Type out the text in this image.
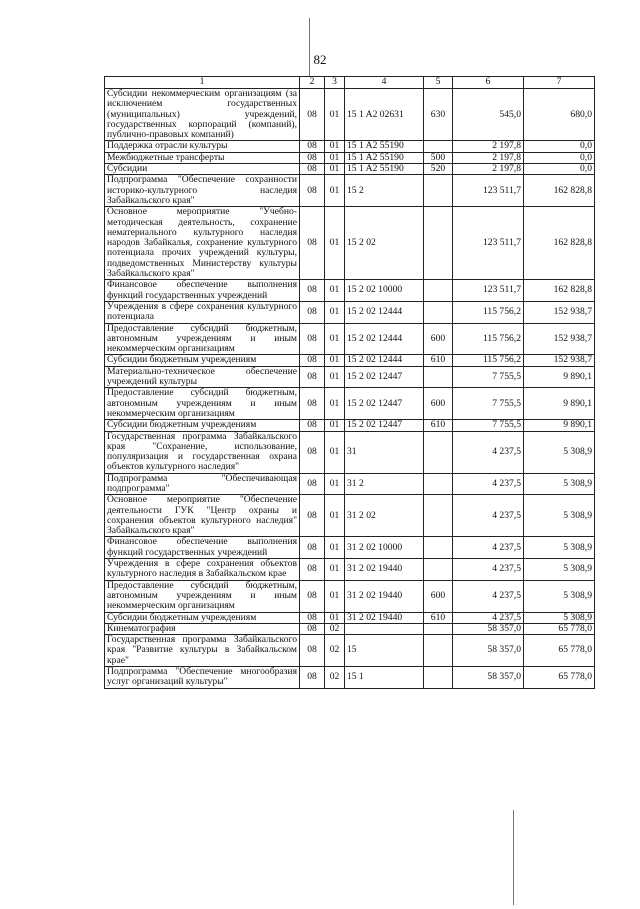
82
1	2	3	4	5	6	7
Субсидии некоммерческим организациям (за исключением государственных (муниципальных) учреждений, государственных корпораций (компаний), публично-правовых компаний)	08	01	15 1 A2 02631	630	545,0	680,0
Поддержка отрасли культуры	08	01	15 1 A2 55190		2 197,8	0,0
Межбюджетные трансферты	08	01	15 1 A2 55190	500	2 197,8	0,0
Субсидии	08	01	15 1 A2 55190	520	2 197,8	0,0
Подпрограмма "Обеспечение сохранности историко-культурного наследия Забайкальского края"	08	01	15 2		123 511,7	162 828,8
Основное мероприятие "Учебно-методическая деятельность, сохранение нематериального культурного наследия народов Забайкалья, сохранение культурного потенциала прочих учреждений культуры, подведомственных Министерству культуры Забайкальского края"	08	01	15 2 02		123 511,7	162 828,8
Финансовое обеспечение выполнения функций государственных учреждений	08	01	15 2 02 10000		123 511,7	162 828,8
Учреждения в сфере сохранения культурного потенциала	08	01	15 2 02 12444		115 756,2	152 938,7
Предоставление субсидий бюджетным, автономным учреждениям и иным некоммерческим организациям	08	01	15 2 02 12444	600	115 756,2	152 938,7
Субсидии бюджетным учреждениям	08	01	15 2 02 12444	610	115 756,2	152 938,7
Материально-техническое обеспечение учреждений культуры	08	01	15 2 02 12447		7 755,5	9 890,1
Предоставление субсидий бюджетным, автономным учреждениям и иным некоммерческим организациям	08	01	15 2 02 12447	600	7 755,5	9 890,1
Субсидии бюджетным учреждениям	08	01	15 2 02 12447	610	7 755,5	9 890,1
Государственная программа Забайкальского края "Сохранение, использование, популяризация и государственная охрана объектов культурного наследия"	08	01	31		4 237,5	5 308,9
Подпрограмма "Обеспечивающая подпрограмма"	08	01	31 2		4 237,5	5 308,9
Основное мероприятие "Обеспечение деятельности ГУК "Центр охраны и сохранения объектов культурного наследия" Забайкальского края"	08	01	31 2 02		4 237,5	5 308,9
Финансовое обеспечение выполнения функций государственных учреждений	08	01	31 2 02 10000		4 237,5	5 308,9
Учреждения в сфере сохранения объектов культурного наследия в Забайкальском крае	08	01	31 2 02 19440		4 237,5	5 308,9
Предоставление субсидий бюджетным, автономным учреждениям и иным некоммерческим организациям	08	01	31 2 02 19440	600	4 237,5	5 308,9
Субсидии бюджетным учреждениям	08	01	31 2 02 19440	610	4 237,5	5 308,9
Кинематография	08	02			58 357,0	65 778,0
Государственная программа Забайкальского края "Развитие культуры в Забайкальском крае"	08	02	15		58 357,0	65 778,0
Подпрограмма "Обеспечение многообразия услуг организаций культуры"	08	02	15 1		58 357,0	65 778,0
